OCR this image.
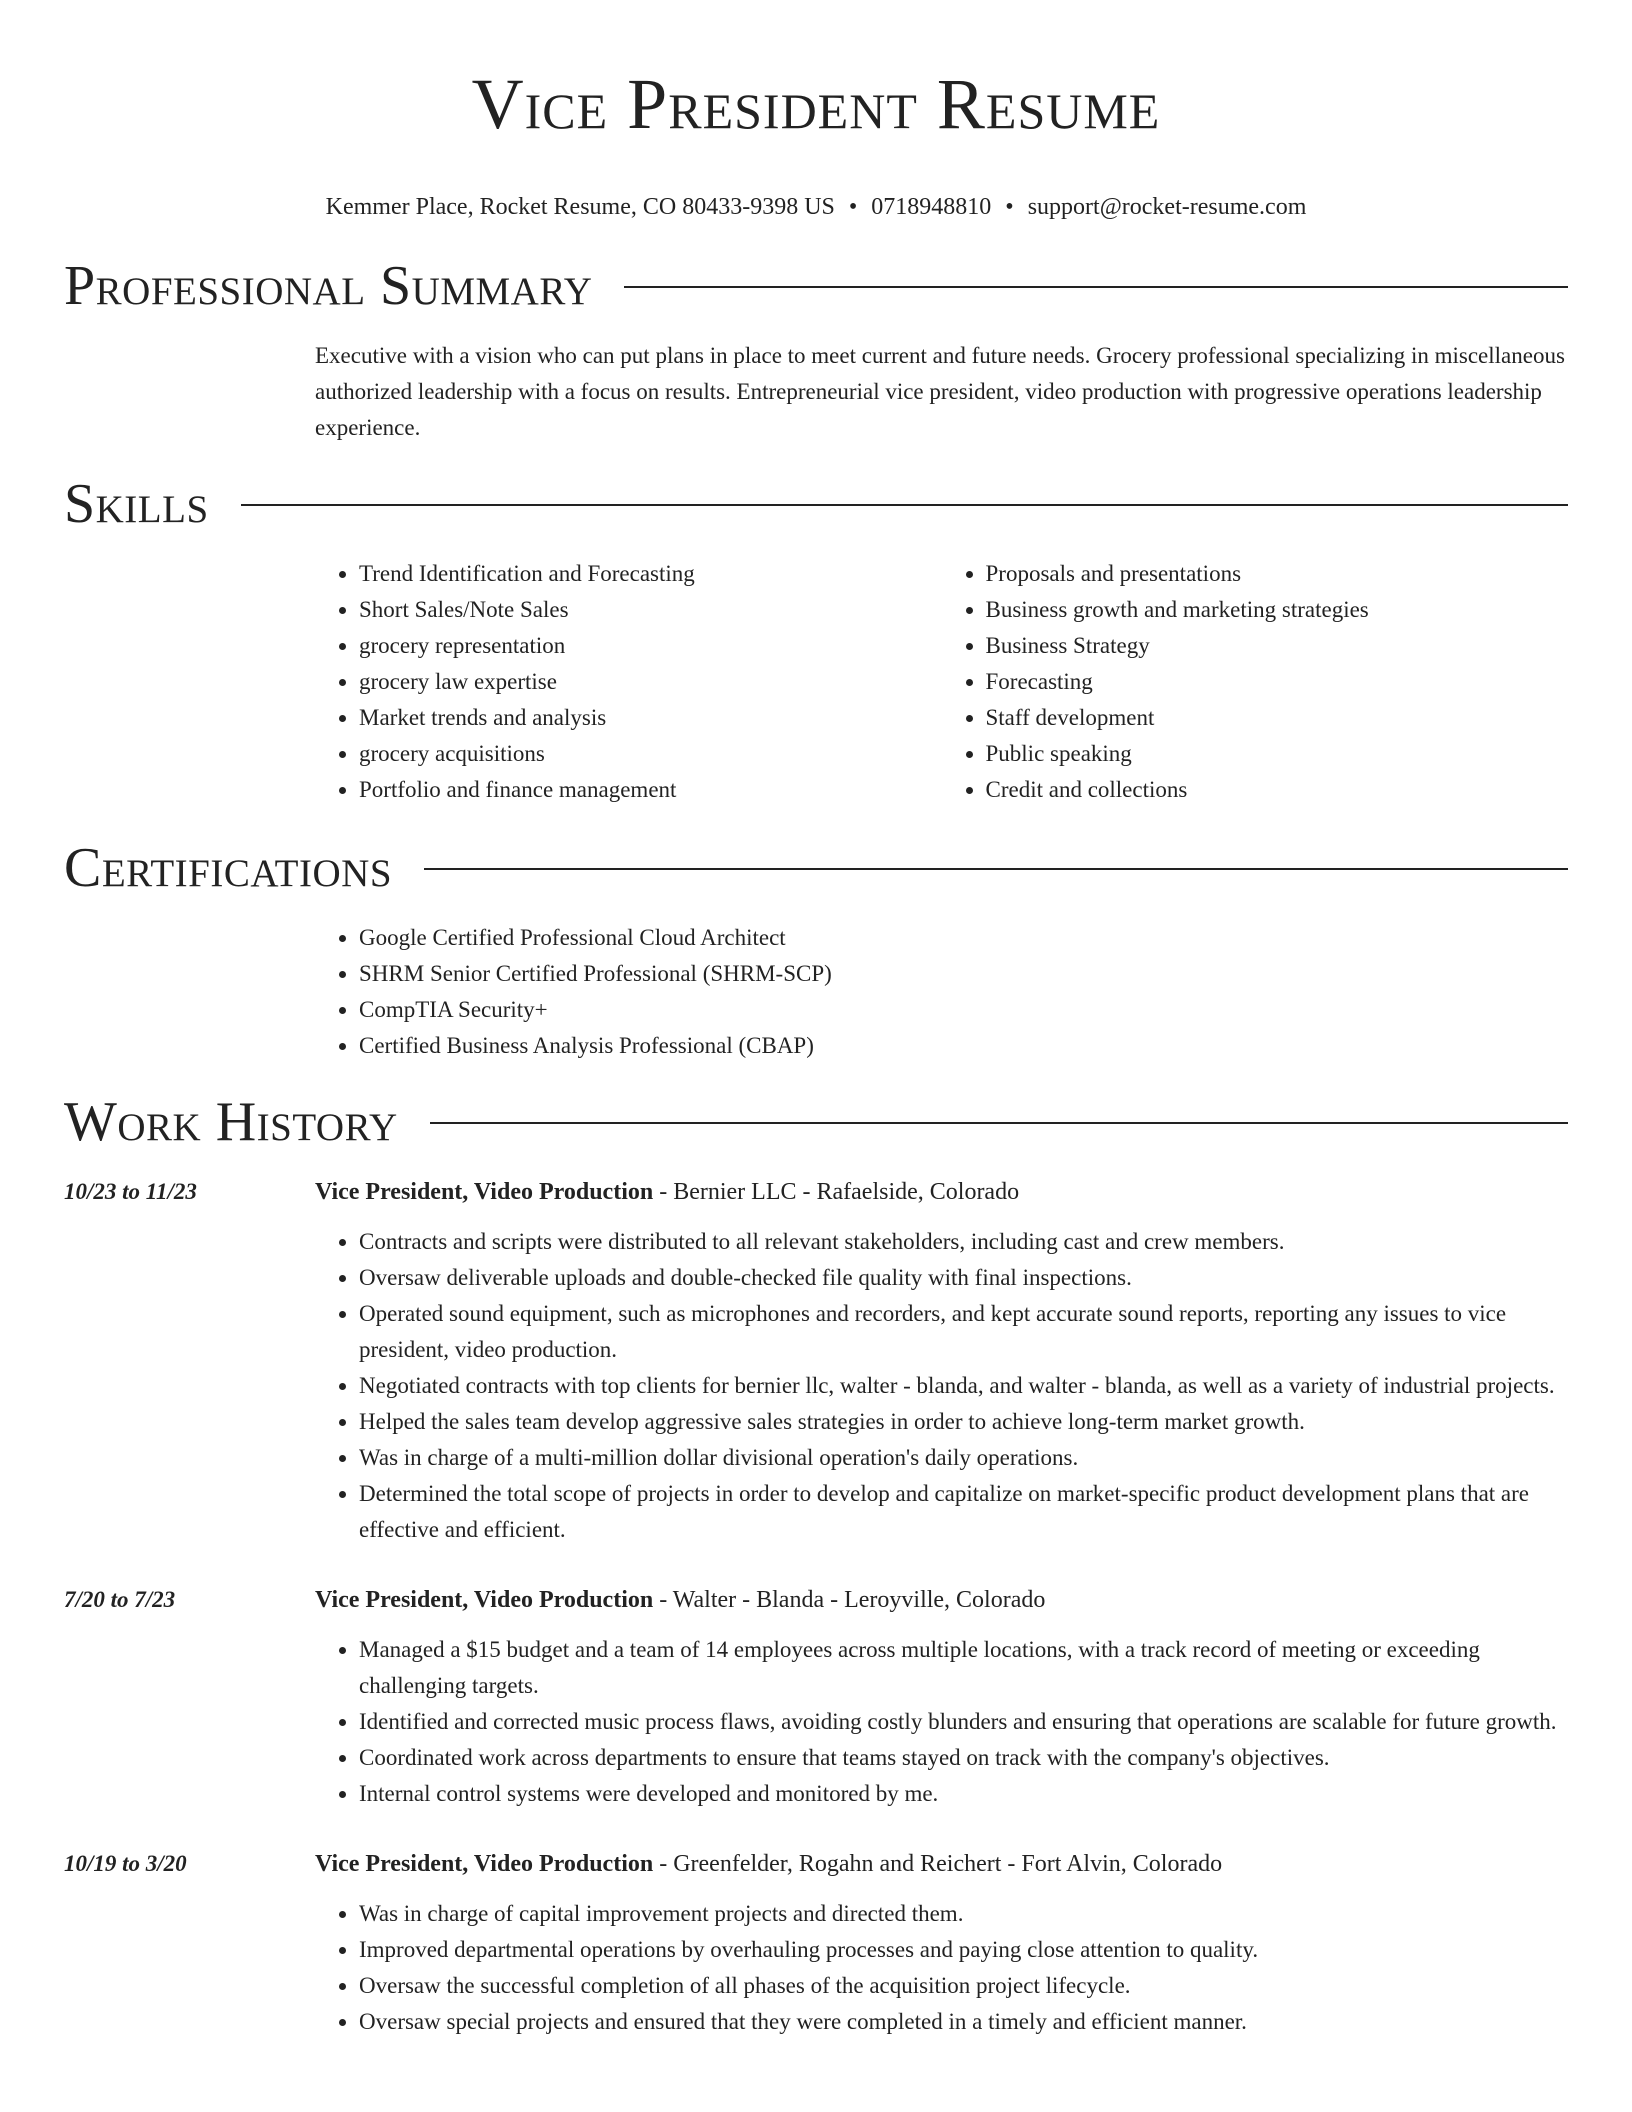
Vice President Resume
Kemmer Place, Rocket Resume, CO 80433-9398 US • 0718948810 • support@rocket-resume.com
Professional Summary
Executive with a vision who can put plans in place to meet current and future needs. Grocery professional specializing in miscellaneous authorized leadership with a focus on results. Entrepreneurial vice president, video production with progressive operations leadership experience.
Skills
• Trend Identification and Forecasting
• Short Sales/Note Sales
• grocery representation
• grocery law expertise
• Market trends and analysis
• grocery acquisitions
• Portfolio and finance management
• Proposals and presentations
• Business growth and marketing strategies
• Business Strategy
• Forecasting
• Staff development
• Public speaking
• Credit and collections
Certifications
• Google Certified Professional Cloud Architect
• SHRM Senior Certified Professional (SHRM-SCP)
• CompTIA Security+
• Certified Business Analysis Professional (CBAP)
Work History
10/23 to 11/23	Vice President, Video Production - Bernier LLC - Rafaelside, Colorado
• Contracts and scripts were distributed to all relevant stakeholders, including cast and crew members.
• Oversaw deliverable uploads and double-checked file quality with final inspections.
• Operated sound equipment, such as microphones and recorders, and kept accurate sound reports, reporting any issues to vice president, video production.
• Negotiated contracts with top clients for bernier llc, walter - blanda, and walter - blanda, as well as a variety of industrial projects.
• Helped the sales team develop aggressive sales strategies in order to achieve long-term market growth.
• Was in charge of a multi-million dollar divisional operation's daily operations.
• Determined the total scope of projects in order to develop and capitalize on market-specific product development plans that are effective and efficient.
7/20 to 7/23	Vice President, Video Production - Walter - Blanda - Leroyville, Colorado
• Managed a $15 budget and a team of 14 employees across multiple locations, with a track record of meeting or exceeding challenging targets.
• Identified and corrected music process flaws, avoiding costly blunders and ensuring that operations are scalable for future growth.
• Coordinated work across departments to ensure that teams stayed on track with the company's objectives.
• Internal control systems were developed and monitored by me.
10/19 to 3/20	Vice President, Video Production - Greenfelder, Rogahn and Reichert - Fort Alvin, Colorado
• Was in charge of capital improvement projects and directed them.
• Improved departmental operations by overhauling processes and paying close attention to quality.
• Oversaw the successful completion of all phases of the acquisition project lifecycle.
• Oversaw special projects and ensured that they were completed in a timely and efficient manner.
